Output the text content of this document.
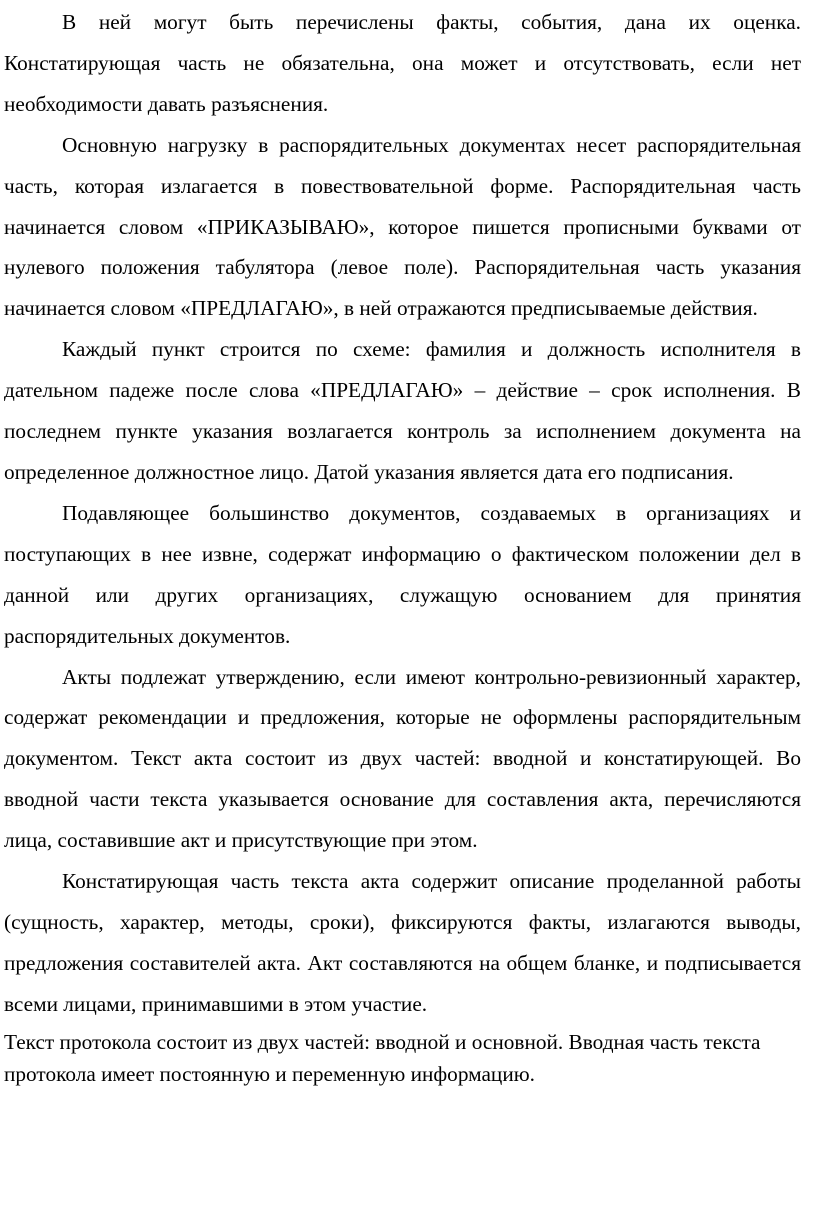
В ней могут быть перечислены факты, события, дана их оценка. Констатирующая часть не обязательна, она может и отсутствовать, если нет необходимости давать разъяснения.

Основную нагрузку в распорядительных документах несет распорядительная часть, которая излагается в повествовательной форме. Распорядительная часть начинается словом «ПРИКАЗЫВАЮ», которое пишется прописными буквами от нулевого положения табулятора (левое поле). Распорядительная часть указания начинается словом «ПРЕДЛАГАЮ», в ней отражаются предписываемые действия.

Каждый пункт строится по схеме: фамилия и должность исполнителя в дательном падеже после слова «ПРЕДЛАГАЮ» – действие – срок исполнения. В последнем пункте указания возлагается контроль за исполнением документа на определенное должностное лицо. Датой указания является дата его подписания.

Подавляющее большинство документов, создаваемых в организациях и поступающих в нее извне, содержат информацию о фактическом положении дел в данной или других организациях, служащую основанием для принятия распорядительных документов.

Акты подлежат утверждению, если имеют контрольно-ревизионный характер, содержат рекомендации и предложения, которые не оформлены распорядительным документом. Текст акта состоит из двух частей: вводной и констатирующей. Во вводной части текста указывается основание для составления акта, перечисляются лица, составившие акт и присутствующие при этом.

Констатирующая часть текста акта содержит описание проделанной работы (сущность, характер, методы, сроки), фиксируются факты, излагаются выводы, предложения составителей акта. Акт составляются на общем бланке, и подписывается всеми лицами, принимавшими в этом участие.

Текст протокола состоит из двух частей: вводной и основной. Вводная часть текста протокола имеет постоянную и переменную информацию.
